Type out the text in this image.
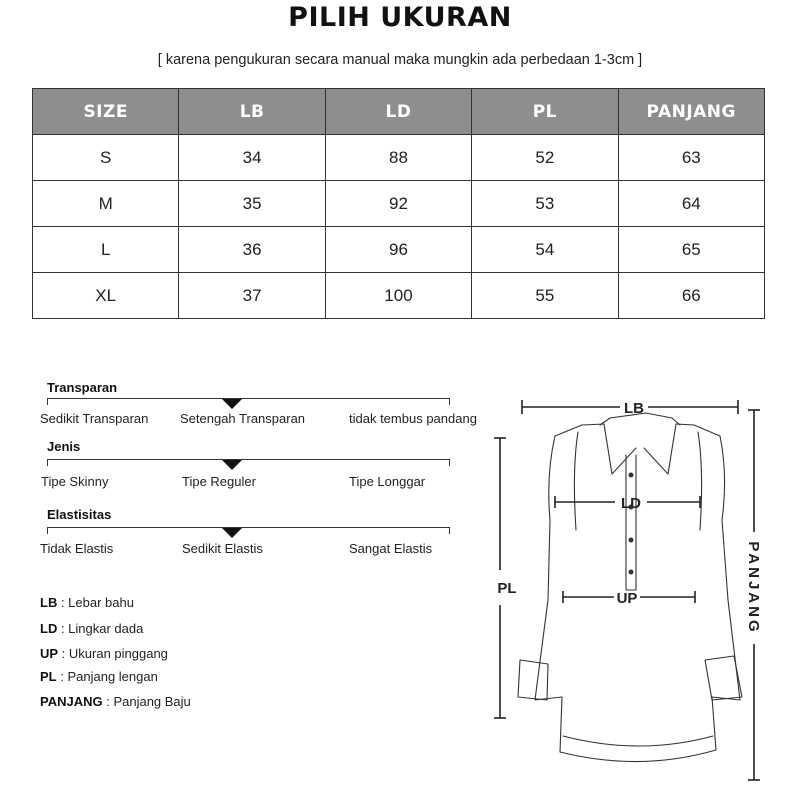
PILIH UKURAN
[ karena pengukuran secara manual maka mungkin ada perbedaan 1-3cm ]
SIZE	LB	LD	PL	PANJANG
S	34	88	52	63
M	35	92	53	64
L	36	96	54	65
XL	37	100	55	66
Transparan
Sedikit Transparan Setengah Transparan	tidak tembus pandang
Jenis
Tipe Skinny	Tipe Reguler	Tipe Longgar
Elastisitas
Tidak Elastis	Sedikit Elastis	Sangat Elastis
LB : Lebar bahu
LD : Lingkar dada
UP : Ukuran pinggang
PL : Panjang lengan
PANJANG : Panjang Baju
LB
LD
UP
PL	PANJANG
